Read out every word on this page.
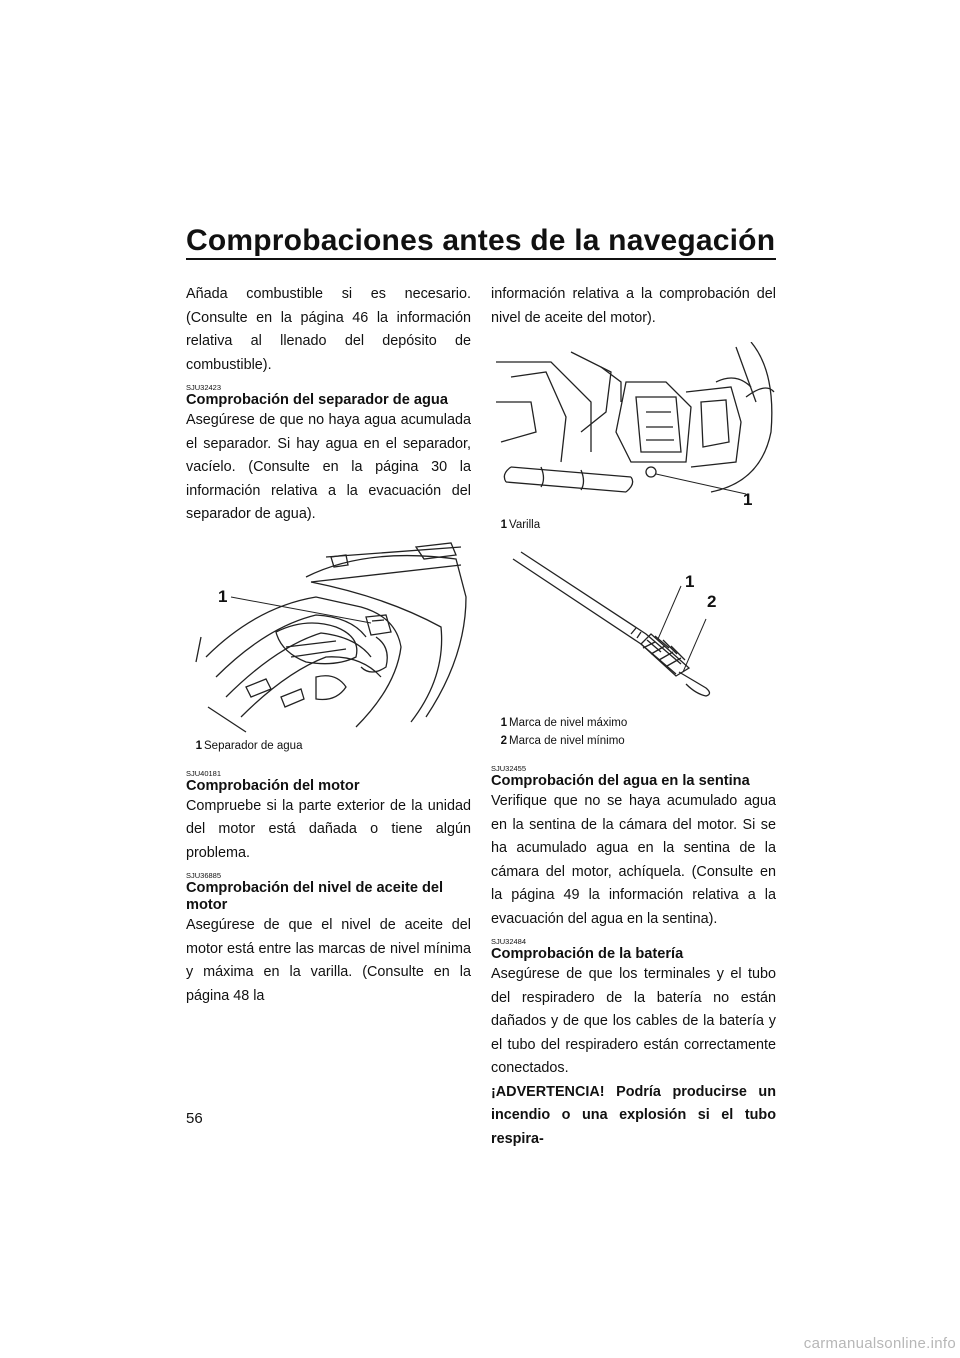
Comprobaciones antes de la navegación

Añada combustible si es necesario. (Consulte en la página 46 la información relativa al llenado del depósito de combustible).

SJU32423
Comprobación del separador de agua

Asegúrese de que no haya agua acumulada el separador. Si hay agua en el separador, vacíelo. (Consulte en la página 30 la información relativa a la evacuación del separador de agua).

1
1 Separador de agua
SJU40181
Comprobación del motor

Compruebe si la parte exterior de la unidad del motor está dañada o tiene algún problema.

SJU36885
Comprobación del nivel de aceite del motor

Asegúrese de que el nivel de aceite del motor está entre las marcas de nivel mínima y máxima en la varilla. (Consulte en la página 48 la

información relativa a la comprobación del nivel de aceite del motor).

1
1 Varilla
1
2
1 Marca de nivel máximo
2 Marca de nivel mínimo
SJU32455
Comprobación del agua en la sentina

Verifique que no se haya acumulado agua en la sentina de la cámara del motor. Si se ha acumulado agua en la sentina de la cámara del motor, achíquela. (Consulte en la página 49 la información relativa a la evacuación del agua en la sentina).

SJU32484
Comprobación de la batería

Asegúrese de que los terminales y el tubo del respiradero de la batería no están dañados y de que los cables de la batería y el tubo del respiradero están correctamente conectados.

¡ADVERTENCIA! Podría producirse un incendio o una explosión si el tubo respira-

56
carmanualsonline.info
